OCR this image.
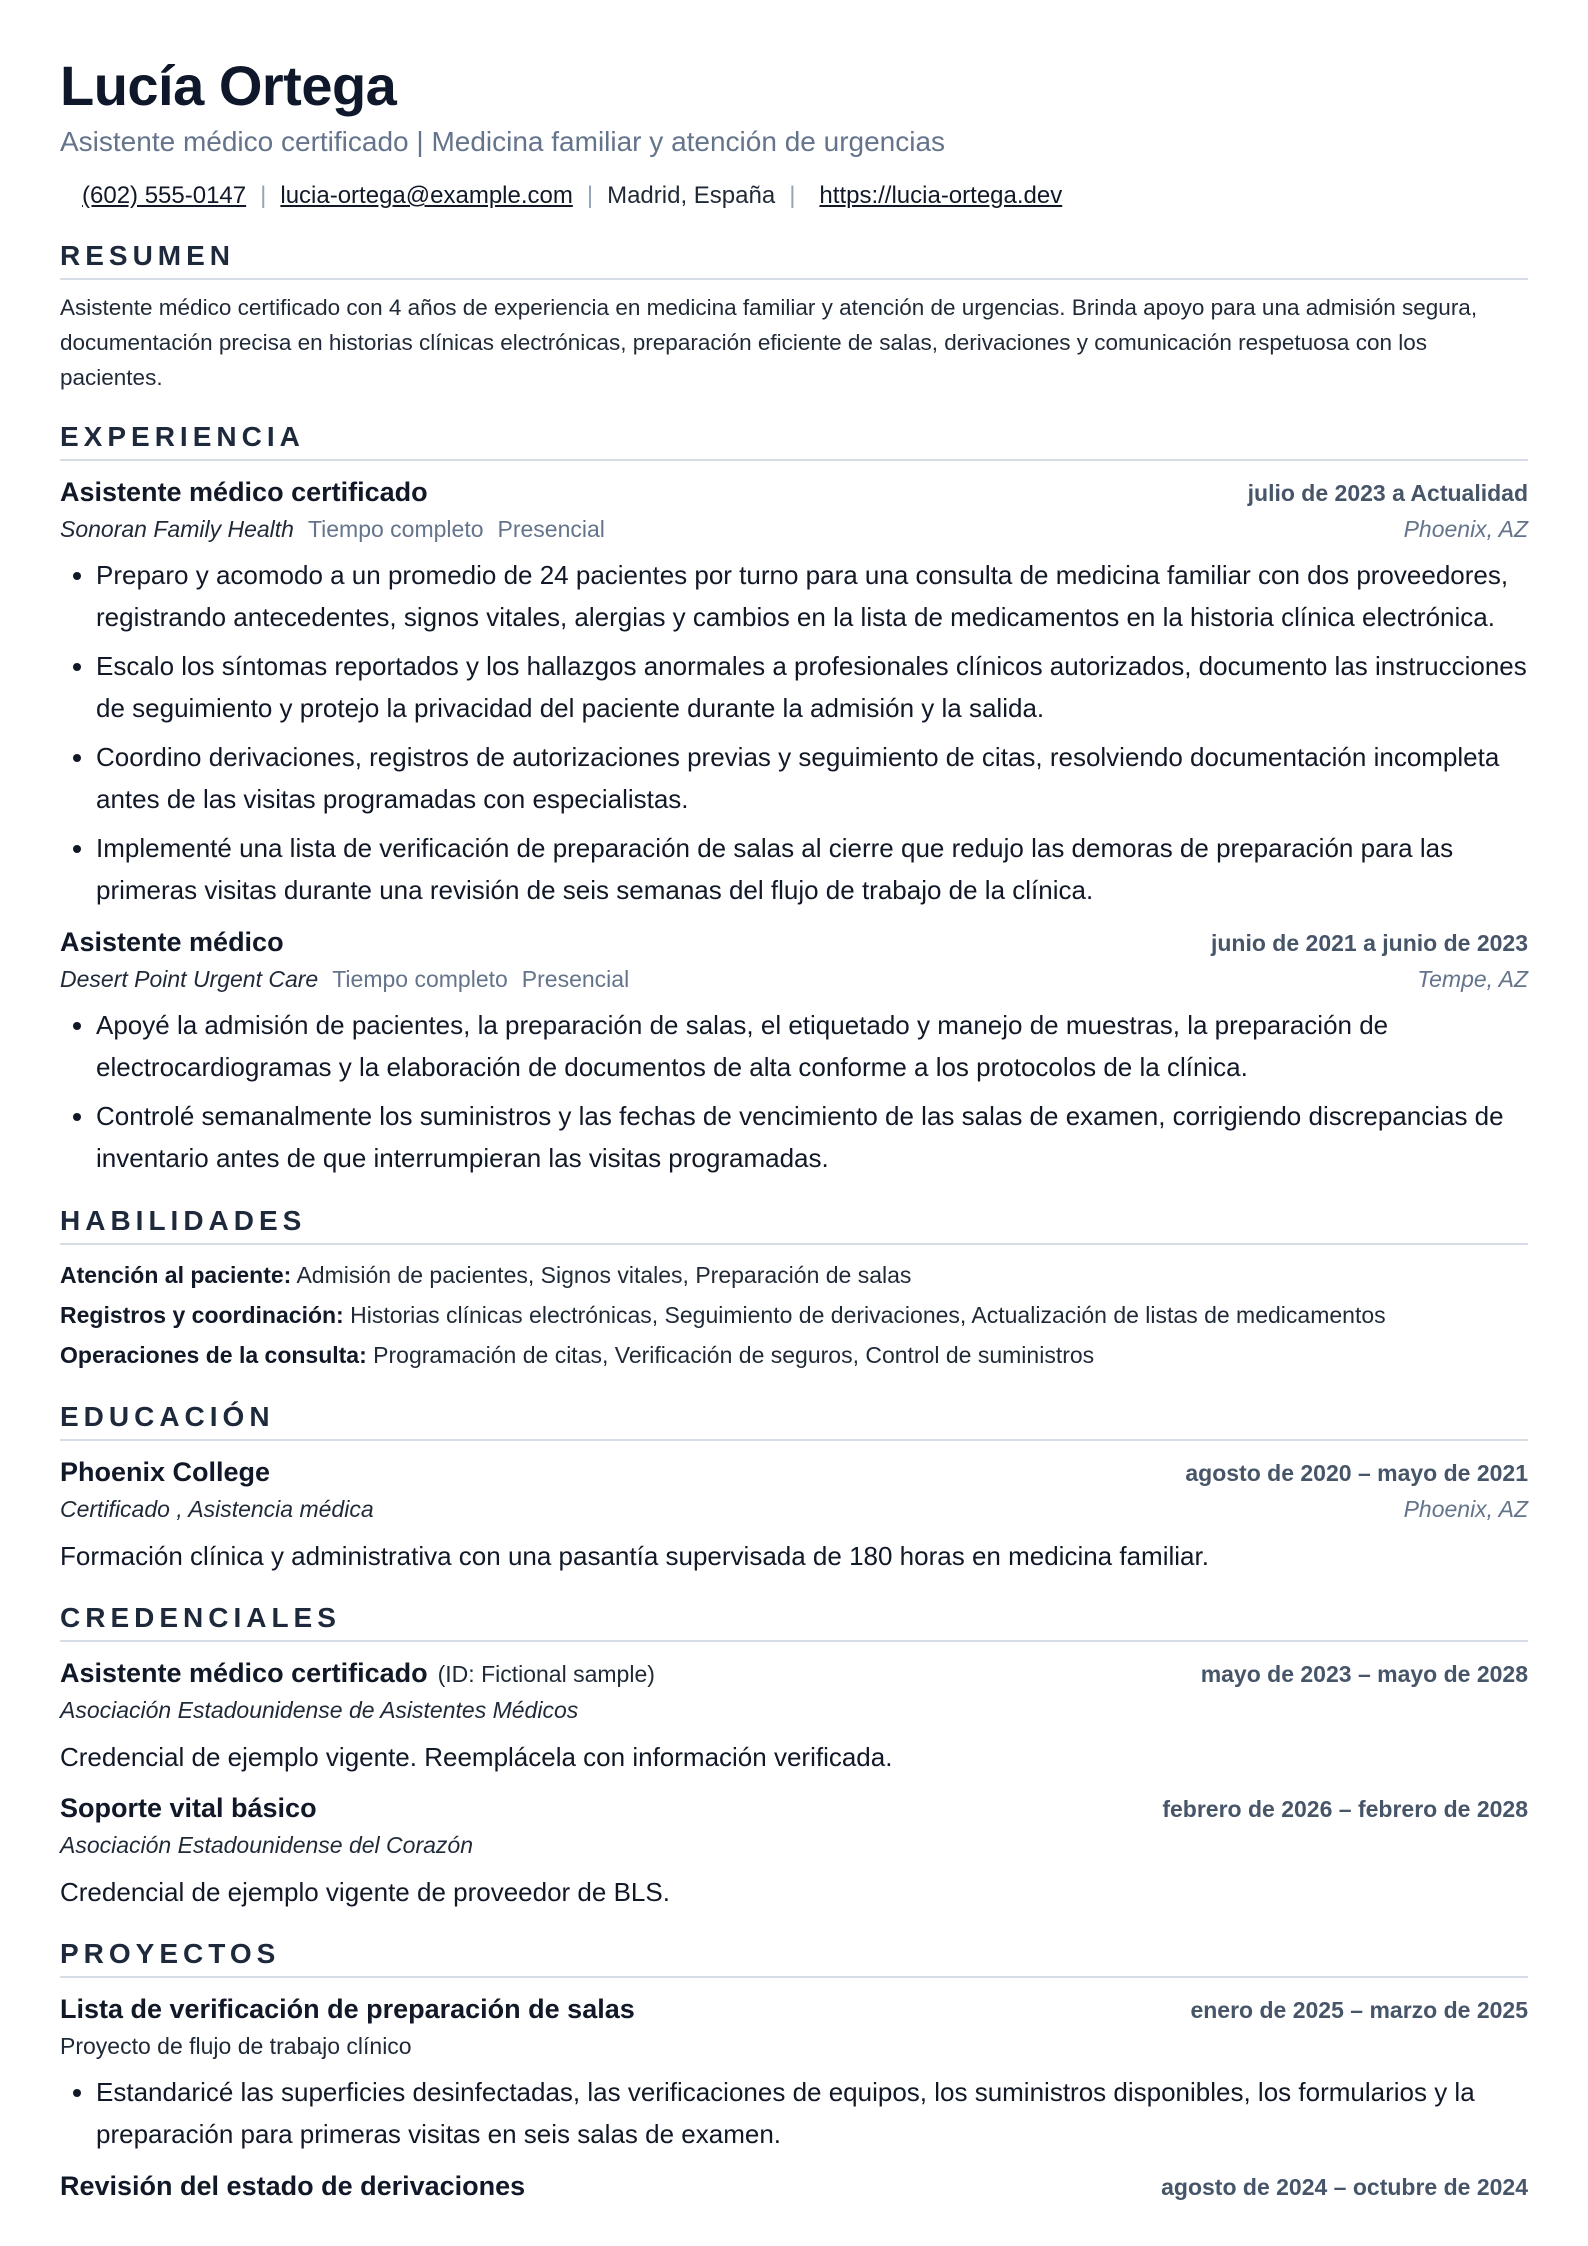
Lucía Ortega
Asistente médico certificado | Medicina familiar y atención de urgencias
(602) 555-0147 | lucia-ortega@example.com | Madrid, España | https://lucia-ortega.dev
RESUMEN
Asistente médico certificado con 4 años de experiencia en medicina familiar y atención de urgencias. Brinda apoyo para una admisión segura, documentación precisa en historias clínicas electrónicas, preparación eficiente de salas, derivaciones y comunicación respetuosa con los pacientes.
EXPERIENCIA
Asistente médico certificado	julio de 2023 a Actualidad
Sonoran Family Health Tiempo completo Presencial	Phoenix, AZ
• Preparo y acomodo a un promedio de 24 pacientes por turno para una consulta de medicina familiar con dos proveedores, registrando antecedentes, signos vitales, alergias y cambios en la lista de medicamentos en la historia clínica electrónica.
• Escalo los síntomas reportados y los hallazgos anormales a profesionales clínicos autorizados, documento las instrucciones de seguimiento y protejo la privacidad del paciente durante la admisión y la salida.
• Coordino derivaciones, registros de autorizaciones previas y seguimiento de citas, resolviendo documentación incompleta antes de las visitas programadas con especialistas.
• Implementé una lista de verificación de preparación de salas al cierre que redujo las demoras de preparación para las primeras visitas durante una revisión de seis semanas del flujo de trabajo de la clínica.
Asistente médico	junio de 2021 a junio de 2023
Desert Point Urgent Care Tiempo completo Presencial	Tempe, AZ
• Apoyé la admisión de pacientes, la preparación de salas, el etiquetado y manejo de muestras, la preparación de electrocardiogramas y la elaboración de documentos de alta conforme a los protocolos de la clínica.
• Controlé semanalmente los suministros y las fechas de vencimiento de las salas de examen, corrigiendo discrepancias de inventario antes de que interrumpieran las visitas programadas.
HABILIDADES
Atención al paciente: Admisión de pacientes, Signos vitales, Preparación de salas
Registros y coordinación: Historias clínicas electrónicas, Seguimiento de derivaciones, Actualización de listas de medicamentos
Operaciones de la consulta: Programación de citas, Verificación de seguros, Control de suministros
EDUCACIÓN
Phoenix College	agosto de 2020 – mayo de 2021
Certificado , Asistencia médica	Phoenix, AZ
Formación clínica y administrativa con una pasantía supervisada de 180 horas en medicina familiar.
CREDENCIALES
Asistente médico certificado (ID: Fictional sample)	mayo de 2023 – mayo de 2028
Asociación Estadounidense de Asistentes Médicos
Credencial de ejemplo vigente. Reemplácela con información verificada.
Soporte vital básico	febrero de 2026 – febrero de 2028
Asociación Estadounidense del Corazón
Credencial de ejemplo vigente de proveedor de BLS.
PROYECTOS
Lista de verificación de preparación de salas	enero de 2025 – marzo de 2025
Proyecto de flujo de trabajo clínico
• Estandaricé las superficies desinfectadas, las verificaciones de equipos, los suministros disponibles, los formularios y la preparación para primeras visitas en seis salas de examen.
Revisión del estado de derivaciones	agosto de 2024 – octubre de 2024
